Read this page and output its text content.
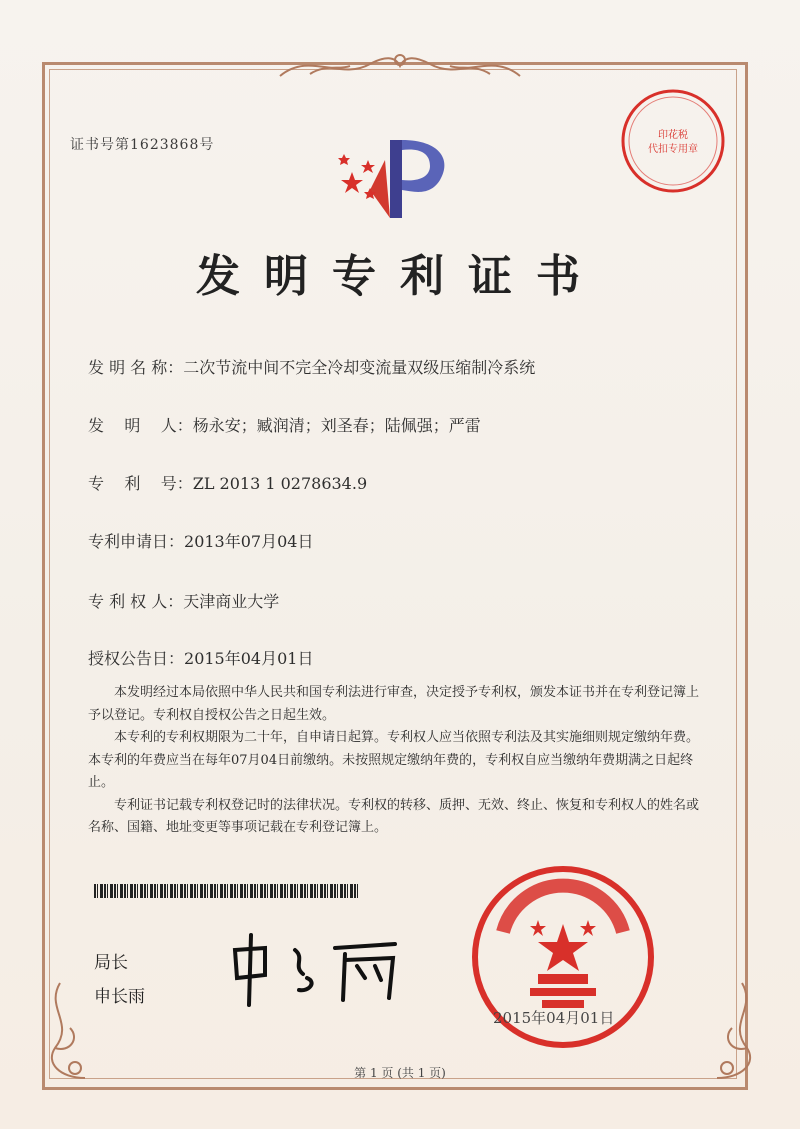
证书号第1623868号
印花税
代扣专用章
发明专利证书
发 明 名 称：二次节流中间不完全冷却变流量双级压缩制冷系统
发    明    人：杨永安；臧润清；刘圣春；陆佩强；严雷
专    利    号：ZL 2013 1 0278634.9
专利申请日：2013年07月04日
专 利 权 人：天津商业大学
授权公告日：2015年04月01日

本发明经过本局依照中华人民共和国专利法进行审查，决定授予专利权，颁发本证书并在专利登记簿上予以登记。专利权自授权公告之日起生效。

本专利的专利权期限为二十年，自申请日起算。专利权人应当依照专利法及其实施细则规定缴纳年费。本专利的年费应当在每年07月04日前缴纳。未按照规定缴纳年费的，专利权自应当缴纳年费期满之日起终止。

专利证书记载专利权登记时的法律状况。专利权的转移、质押、无效、终止、恢复和专利权人的姓名或名称、国籍、地址变更等事项记载在专利登记簿上。

局长
申长雨
2015年04月01日
第 1 页 (共 1 页)
